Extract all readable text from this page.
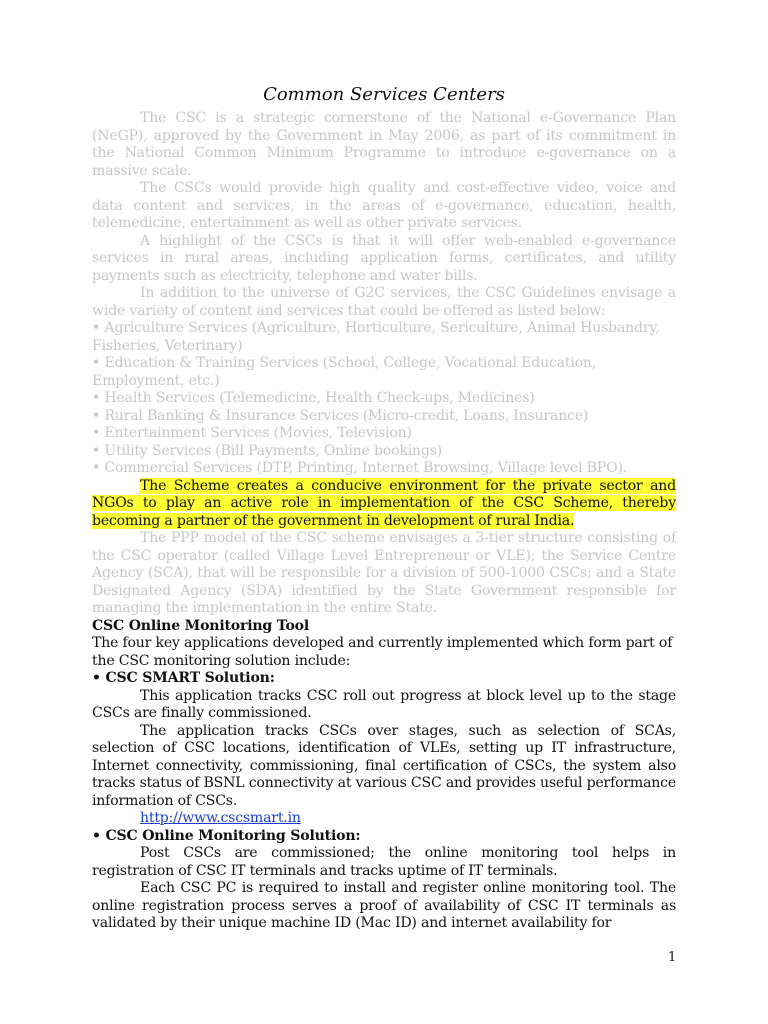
Common Services Centers

The CSC is a strategic cornerstone of the National e-Governance Plan (NeGP), approved by the Government in May 2006, as part of its commitment in the National Common Minimum Programme to introduce e-governance on a massive scale.

The CSCs would provide high quality and cost-effective video, voice and data content and services, in the areas of e-governance, education, health, telemedicine, entertainment as well as other private services.

A highlight of the CSCs is that it will offer web-enabled e-governance services in rural areas, including application forms, certificates, and utility payments such as electricity, telephone and water bills.

In addition to the universe of G2C services, the CSC Guidelines envisage a wide variety of content and services that could be offered as listed below:

• Agriculture Services (Agriculture, Horticulture, Sericulture, Animal Husbandry, Fisheries, Veterinary)

• Education & Training Services (School, College, Vocational Education, Employment, etc.)

• Health Services (Telemedicine, Health Check-ups, Medicines)

• Rural Banking & Insurance Services (Micro-credit, Loans, Insurance)

• Entertainment Services (Movies, Television)

• Utility Services (Bill Payments, Online bookings)

• Commercial Services (DTP, Printing, Internet Browsing, Village level BPO).

The Scheme creates a conducive environment for the private sector and NGOs to play an active role in implementation of the CSC Scheme, thereby becoming a partner of the government in development of rural India.

The PPP model of the CSC scheme envisages a 3-tier structure consisting of the CSC operator (called Village Level Entrepreneur or VLE); the Service Centre Agency (SCA), that will be responsible for a division of 500-1000 CSCs; and a State Designated Agency (SDA) identified by the State Government responsible for managing the implementation in the entire State.

CSC Online Monitoring Tool

The four key applications developed and currently implemented which form part of the CSC monitoring solution include:

• CSC SMART Solution:

This application tracks CSC roll out progress at block level up to the stage CSCs are finally commissioned.

The application tracks CSCs over stages, such as selection of SCAs, selection of CSC locations, identification of VLEs, setting up IT infrastructure, Internet connectivity, commissioning, final certification of CSCs, the system also tracks status of BSNL connectivity at various CSC and provides useful performance information of CSCs.

http://www.cscsmart.in

• CSC Online Monitoring Solution:

Post CSCs are commissioned; the online monitoring tool helps in registration of CSC IT terminals and tracks uptime of IT terminals.

Each CSC PC is required to install and register online monitoring tool. The online registration process serves a proof of availability of CSC IT terminals as validated by their unique machine ID (Mac ID) and internet availability for

1
